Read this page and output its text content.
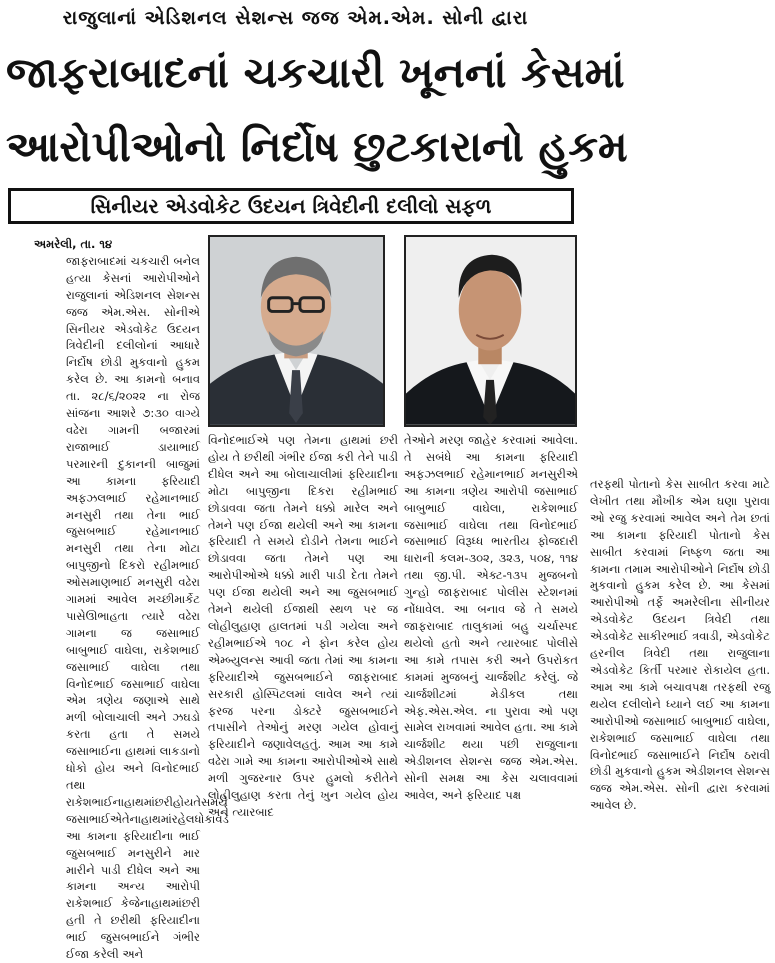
રાજુલાનાં એડિશનલ સેશન્સ જજ એમ.એમ. સોની દ્વારા
જાફરાબાદનાં ચકચારી ખૂનનાં કેસમાં
આરોપીઓનો નિર્દોષ છુટકારાનો હુકમ
સિનીયર એડવોકેટ ઉદયન ત્રિવેદીની દલીલો સફળ

અમરેલી, તા. ૧૪

જાફરાબાદમાં ચકચારી બનેલ હત્યા કેસનાં આરોપીઓને રાજુલાનાં એડિશનલ સેશન્સ જજ એમ.એસ. સોનીએ સિનીયર એડવોકેટ ઉદયન ત્રિવેદીની દલીલોનાં આધારે નિર્દોષ છોડી મુકવાનો હુકમ કરેલ છે. આ કામનો બનાવ તા. ૨૮/૬/૨૦૨૨ ના રોજ સાંજના આશરે ૭:૩૦ વાગ્યે વઢેરા ગામની બજારમાં રાજાભાઈ ડાયાભાઈ પરમારની દુકાનની બાજુમાં આ કામના ફરિયાદી અફઝલભાઈ રહેમાનભાઈ મનસુરી તથા તેના ભાઈ જુસબભાઈ રહેમાનભાઈ મનસુરી તથા તેના મોટા બાપુજીનો દિકરો રહીમભાઈ ઓસમાણભાઈ મનસુરી વઢેરા ગામમાં આવેલ મચ્છીમાર્કેટ પાસેઊભાહતા ત્યારે વઢેરા ગામના જ જસાભાઈ બાબુભાઈ વાઘેલા, રાકેશભાઈ જસાભાઈ વાઘેલા તથા વિનોદભાઈ જસાભાઈ વાઘેલા એમ ત્રણેય જણાએ સાથે મળી બોલાચાલી અને ઝઘડો કરતા હતા તે સમયે જસાભાઈના હાથમાં લાકડાનો ધોકો હોય અને વિનોદભાઈ તથા રાકેશભાઈનાહાથમાંછરીહોયતેસમયે જસાભાઈએતેનાહાથમાંરહેલધોકાવડે આ કામના ફરિયાદીના ભાઈ જુસબભાઈ મનસુરીને માર મારીને પાડી દીધેલ અને આ કામના અન્ય આરોપી રાકેશભાઈ કેજેનાહાથમાંછરી હતી તે છરીથી ફરિયાદીના ભાઈ જુસબભાઈને ગંભીર ઈજા કરેલી અને

વિનોદભાઈએ પણ તેમના હાથમાં છરી હોય તે છરીથી ગંભીર ઈજા કરી તેને પાડી દીધેલ અને આ બોલાચાલીમાં ફરિયાદીના મોટા બાપુજીના દિકરા રહીમભાઈ છોડાવવા જતા તેમને ધક્કો મારેલ અને તેમને પણ ઈજા થયેલી અને આ કામના ફરિયાદી તે સમયે દોડીને તેમના ભાઈને છોડાવવા જતા તેમને પણ આ આરોપીઓએ ધક્કો મારી પાડી દેતા તેમને પણ ઈજા થયેલી અને આ જુસબભાઈ તેમને થયેલી ઈજાથી સ્થળ પર જ લોહીલુહાણ હાલતમાં પડી ગયેલા અને રહીમભાઈએ ૧૦૮ ને ફોન કરેલ હોય એમ્બ્યુલન્સ આવી જતા તેમાં આ કામના ફરિયાદીએ જુસબભાઈને જાફરાબાદ સરકારી હોસ્પિટલમાં લાવેલ અને ત્યાં ફરજ પરના ડોક્ટરે જુસબભાઈને તપાસીને તેઓનું મરણ ગયેલ હોવાનું ફરિયાદીને જણાવેલહતું. આમ આ કામે વઢેરા ગામે આ કામના આરોપીઓએ સાથે મળી ગુજરનાર ઉપર હુમલો કરીતેને લોહીલુહાણ કરતા તેનું ખુન ગયેલ હોય અને ત્યારબાદ
તેઓને મરણ જાહેર કરવામાં આવેલા. તે સબંધે આ કામના ફરિયાદી અફઝલભાઈ રહેમાનભાઈ મનસુરીએ આ કામના ત્રણેય આરોપી જસાભાઈ બાબુભાઈ વાઘેલા, રાકેશભાઈ જસાભાઈ વાઘેલા તથા વિનોદભાઈ જસાભાઈ વિરૂધ્ધ ભારતીય ફોજદારી ધારાની કલમ-૩૦૨, ૩૨૩, ૫૦૪, ૧૧૪ તથા જી.પી. એક્ટ-૧૩૫ મુજબનો ગુન્હો જાફરાબાદ પોલીસ સ્ટેશનમાં નોંધાવેલ. આ બનાવ જે તે સમયે જાફરાબાદ તાલુકામાં બહુ ચર્ચાસ્પદ થયેલો હતો અને ત્યારબાદ પોલીસે આ કામે તપાસ કરી અને ઉપરોકત કામમાં મુજબનું ચાર્જશીટ કરેલું. જે ચાર્જશીટમાં મેડીકલ તથા એફ.એસ.એલ. ના પુરાવા ઓ પણ સામેલ રાખવામાં આવેલ હતા. આ કામે ચાર્જશીટ થયા પછી રાજુલાના એડીશનલ સેશન્સ જજ એમ.એસ. સોની સમક્ષ આ કેસ ચલાવવામાં આવેલ, અને ફરિયાદ પક્ષ
તરફથી પોતાનો કેસ સાબીત કરવા માટે લેખીત તથા મૌખીક એમ ઘણા પુરાવા ઓ રજુ કરવામાં આવેલ અને તેમ છતાં આ કામના ફરિયાદી પોતાનો કેસ સાબીત કરવામાં નિષ્ફળ જતા આ કામના તમામ આરોપીઓને નિર્દોષ છોડી મુકવાનો હુકમ કરેલ છે. આ કેસમાં આરોપીઓ તર્ફે અમરેલીના સીનીયર એડવોકેટ ઉદયન ત્રિવેદી તથા એડવોકેટ સાકીરભાઈ ત્રવાડી, એડવોકેટ હરનીલ ત્રિવેદી તથા રાજુલાના એડવોકેટ કિર્તી પરમાર રોકાયેલ હતા. આમ આ કામે બચાવપક્ષ તરફથી રજુ થયેલ દલીલોને ધ્યાને લઈ આ કામના આરોપીઓ જસાભાઈ બાબુભાઈ વાઘેલા, રાકેશભાઈ જસાભાઈ વાઘેલા તથા વિનોદભાઈ જસાભાઈને નિર્દોષ ઠરાવી છોડી મુકવાનો હુકમ એડીશનલ સેશન્સ જજ એમ.એસ. સોની દ્વારા કરવામાં આવેલ છે.
